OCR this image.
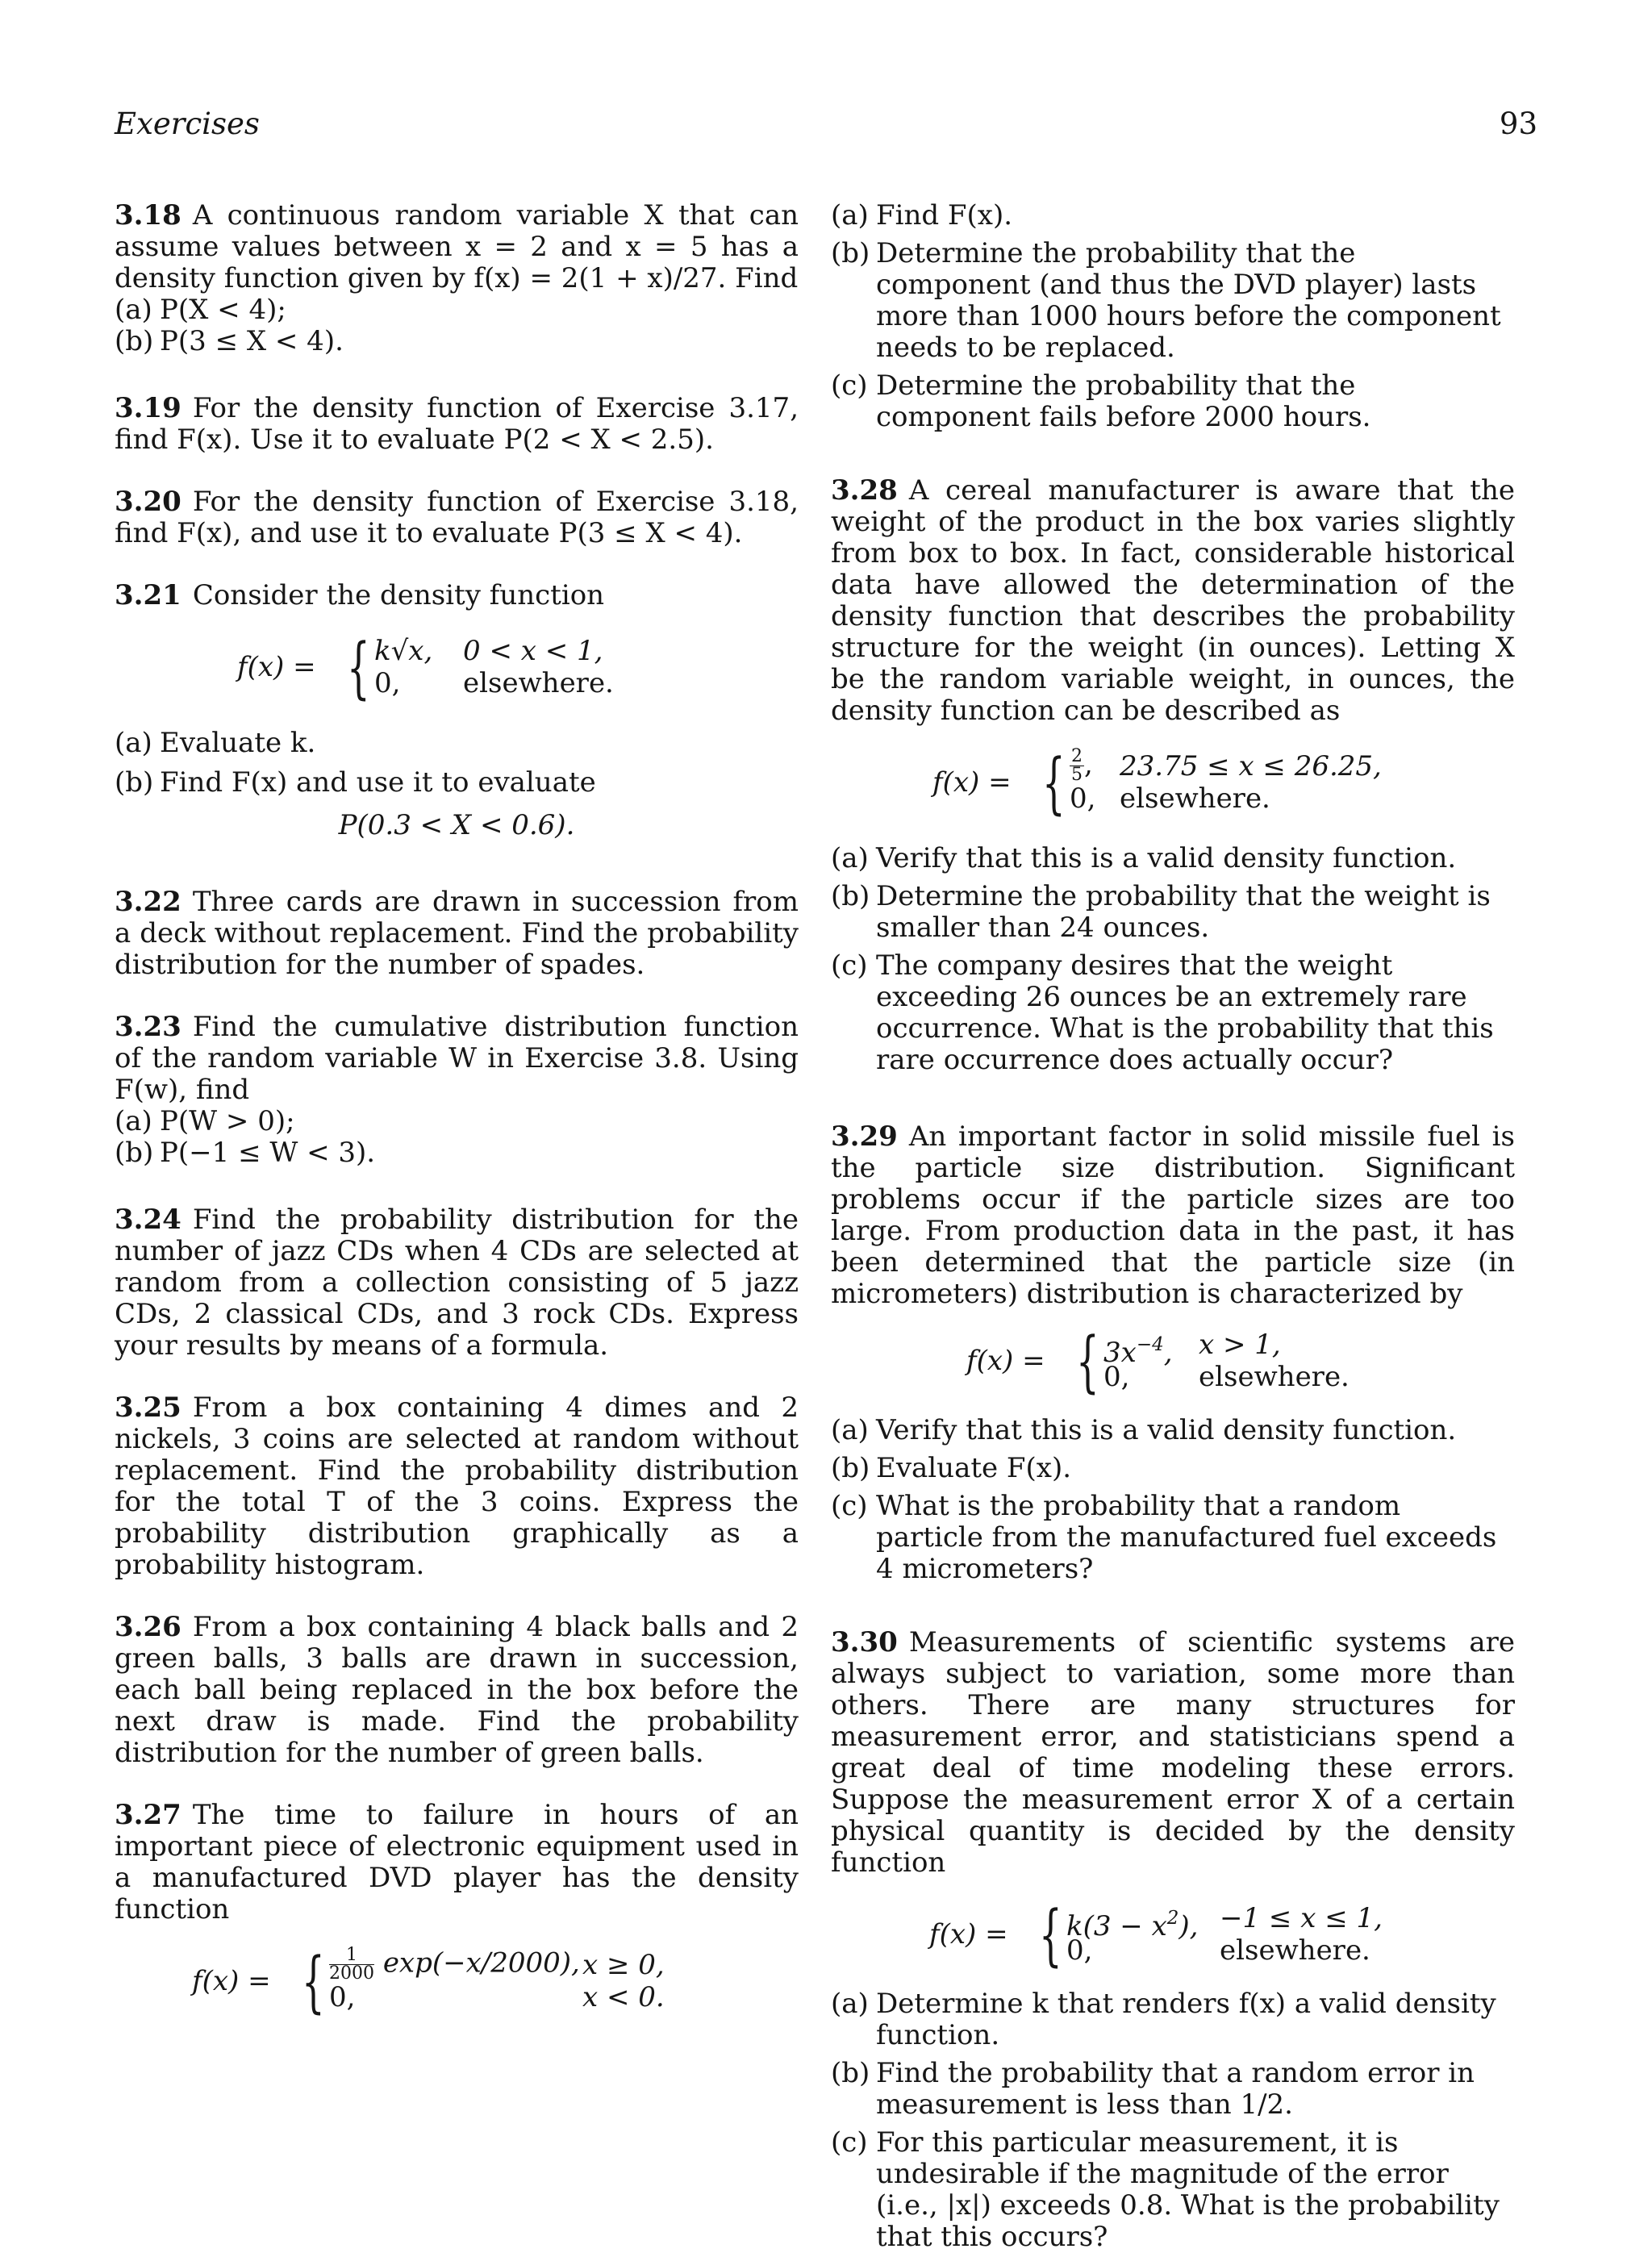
Exercises	93
3.18 A continuous random variable X that can assume values between x = 2 and x = 5 has a density function given by f(x) = 2(1 + x)/27. Find
(a) P(X < 4);
(b) P(3 ≤ X < 4).
3.19 For the density function of Exercise 3.17, find F(x). Use it to evaluate P(2 < X < 2.5).
3.20 For the density function of Exercise 3.18, find F(x), and use it to evaluate P(3 ≤ X < 4).
3.21 Consider the density function
f(x) = { k√x, 0 < x < 1,
0, elsewhere.
(a) Evaluate k.
(b) Find F(x) and use it to evaluate
P(0.3 < X < 0.6).
3.22 Three cards are drawn in succession from a deck without replacement. Find the probability distribution for the number of spades.
3.23 Find the cumulative distribution function of the random variable W in Exercise 3.8. Using F(w), find
(a) P(W > 0);
(b) P(−1 ≤ W < 3).
3.24 Find the probability distribution for the number of jazz CDs when 4 CDs are selected at random from a collection consisting of 5 jazz CDs, 2 classical CDs, and 3 rock CDs. Express your results by means of a formula.
3.25 From a box containing 4 dimes and 2 nickels, 3 coins are selected at random without replacement. Find the probability distribution for the total T of the 3 coins. Express the probability distribution graphically as a probability histogram.
3.26 From a box containing 4 black balls and 2 green balls, 3 balls are drawn in succession, each ball being replaced in the box before the next draw is made. Find the probability distribution for the number of green balls.
3.27 The time to failure in hours of an important piece of electronic equipment used in a manufactured DVD player has the density function
f(x) = { $\frac{1}{2000} \exp(-x/2000)$, x ≥ 0,
0,	x < 0.
(a) Find F(x).
(b) Determine the probability that the component (and thus the DVD player) lasts more than 1000 hours before the component needs to be replaced.
(c) Determine the probability that the component fails before 2000 hours.
3.28 A cereal manufacturer is aware that the weight of the product in the box varies slightly from box to box. In fact, considerable historical data have allowed the determination of the density function that describes the probability structure for the weight (in ounces). Letting X be the random variable weight, in ounces, the density function can be described as
f(x) = { $\frac{2}{5}$ , 23.75 ≤ x ≤ 26.25,
0, elsewhere.
(a) Verify that this is a valid density function.
(b) Determine the probability that the weight is smaller than 24 ounces.
(c) The company desires that the weight exceeding 26 ounces be an extremely rare occurrence. What is the probability that this rare occurrence does actually occur?
3.29 An important factor in solid missile fuel is the particle size distribution. Significant problems occur if the particle sizes are too large. From production data in the past, it has been determined that the particle size (in micrometers) distribution is characterized by
f(x) = { $3x^{-4}$, x > 1,
0,	elsewhere.
(a) Verify that this is a valid density function.
(b) Evaluate F(x).
(c) What is the probability that a random particle from the manufactured fuel exceeds 4 micrometers?
3.30 Measurements of scientific systems are always subject to variation, some more than others. There are many structures for measurement error, and statisticians spend a great deal of time modeling these errors. Suppose the measurement error X of a certain physical quantity is decided by the density function
f(x) = { $k(3 - x^2)$, −1 ≤ x ≤ 1,
0,	elsewhere.
(a) Determine k that renders f(x) a valid density function.
(b) Find the probability that a random error in measurement is less than 1/2.
(c) For this particular measurement, it is undesirable if the magnitude of the error (i.e., |x|) exceeds 0.8. What is the probability that this occurs?
